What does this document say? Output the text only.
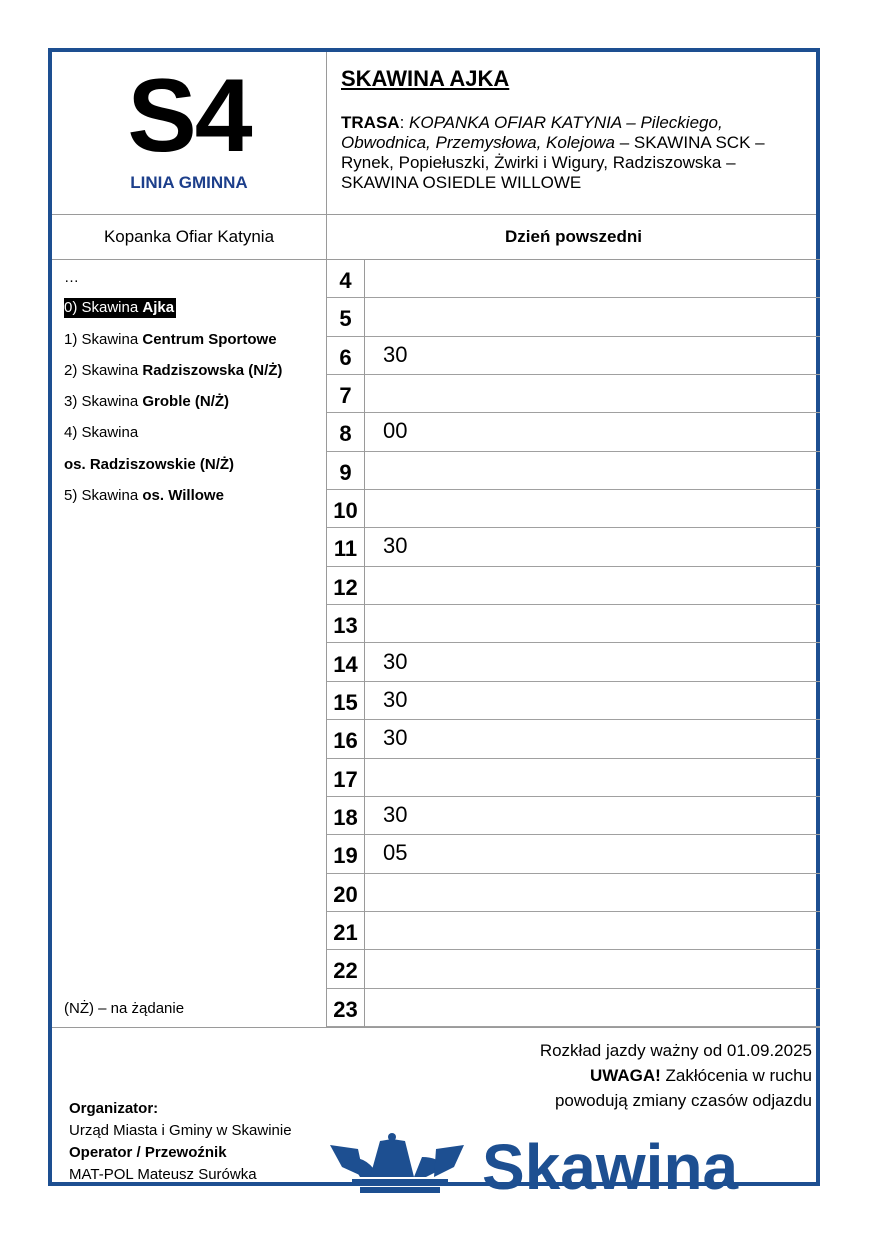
S4
LINIA GMINNA
SKAWINA AJKA
TRASA: KOPANKA OFIAR KATYNIA – Pileckiego, Obwodnica, Przemysłowa, Kolejowa – SKAWINA SCK – Rynek, Popiełuszki, Żwirki i Wigury, Radziszowska – SKAWINA OSIEDLE WILLOWE
Kopanka Ofiar Katynia	Dzień powszedni
…
0) Skawina Ajka
1) Skawina Centrum Sportowe
2) Skawina Radziszowska (N/Ż)
3) Skawina Groble (N/Ż)
4) Skawina
os. Radziszowskie (N/Ż)
5) Skawina os. Willowe
(NŻ) – na żądanie
4
5
6	30
7
8	00
9
10
11	30
12
13
14	30
15	30
16	30
17
18	30
19	05
20
21
22
23
Rozkład jazdy ważny od 01.09.2025
UWAGA! Zakłócenia w ruchu
powodują zmiany czasów odjazdu
Organizator:
Urząd Miasta i Gminy w Skawinie
Operator / Przewoźnik
MAT-POL Mateusz Surówka	Skawina
